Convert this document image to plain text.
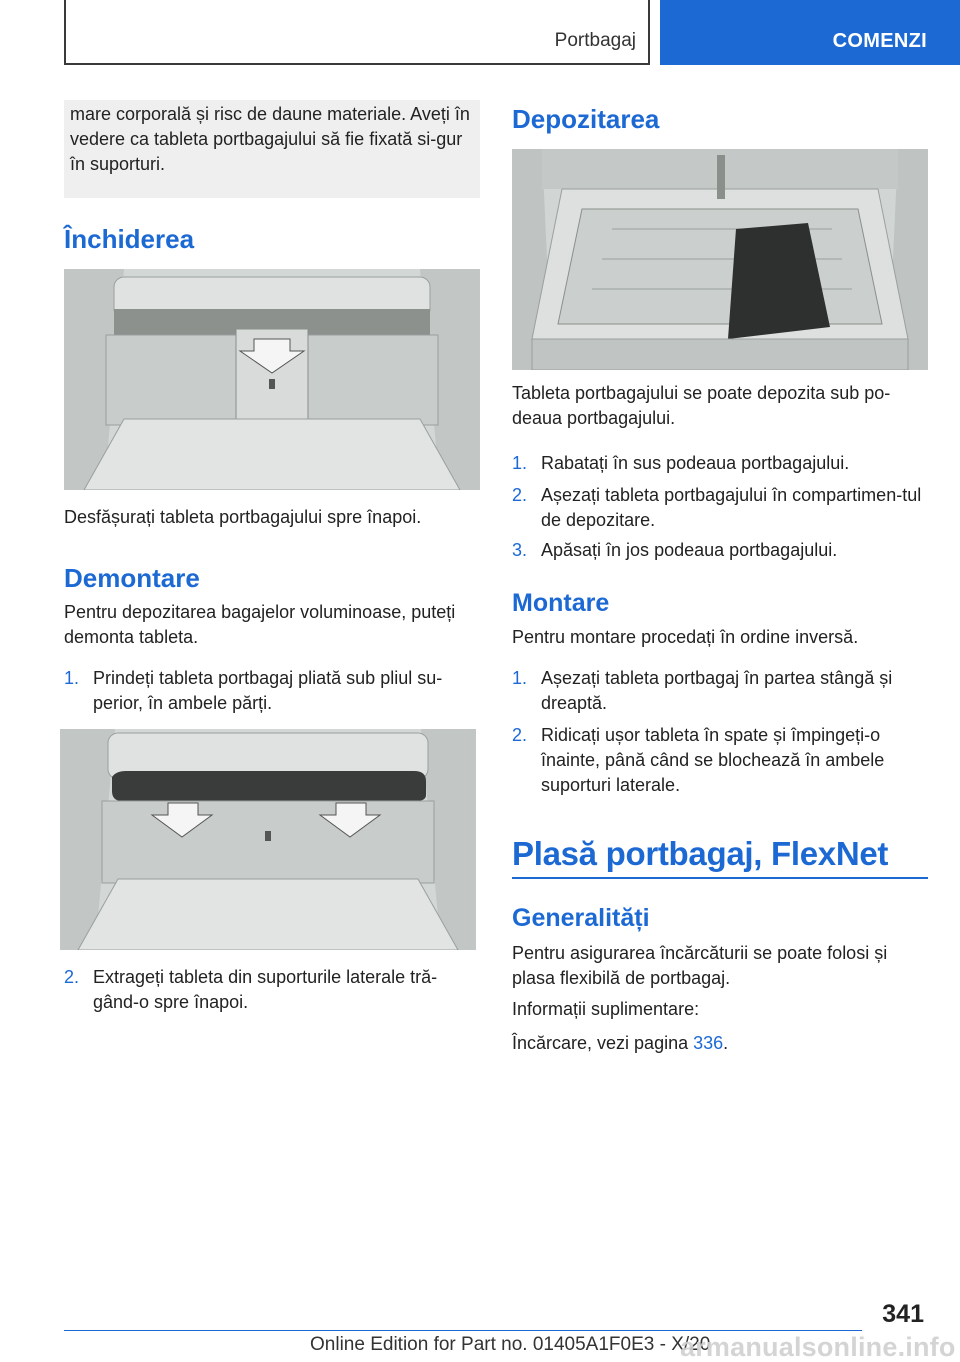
Portbagaj	COMENZI
mare corporală și risc de daune materiale. Aveți în vedere ca tableta portbagajului să fie fixată si-gur în suporturi.
Închiderea
Desfășurați tableta portbagajului spre înapoi.
Demontare
Pentru depozitarea bagajelor voluminoase, puteți demonta tableta.
1. Prindeți tableta portbagaj pliată sub pliul su-perior, în ambele părți.
2. Extrageți tableta din suporturile laterale tră-gând-o spre înapoi.
Depozitarea
Tableta portbagajului se poate depozita sub po-deaua portbagajului.
1. Rabatați în sus podeaua portbagajului.
2. Așezați tableta portbagajului în compartimen-tul de depozitare.
3. Apăsați în jos podeaua portbagajului.
Montare
Pentru montare procedați în ordine inversă.
1. Așezați tableta portbagaj în partea stângă și dreaptă.
2. Ridicați ușor tableta în spate și împingeți-o înainte, până când se blochează în ambele suporturi laterale.
Plasă portbagaj, FlexNet
Generalități
Pentru asigurarea încărcăturii se poate folosi și plasa flexibilă de portbagaj.
Informații suplimentare:
Încărcare, vezi pagina 336.
341
Online Edition for Part no. 01405A1F0E3 - X/20
armanualsonline.info
